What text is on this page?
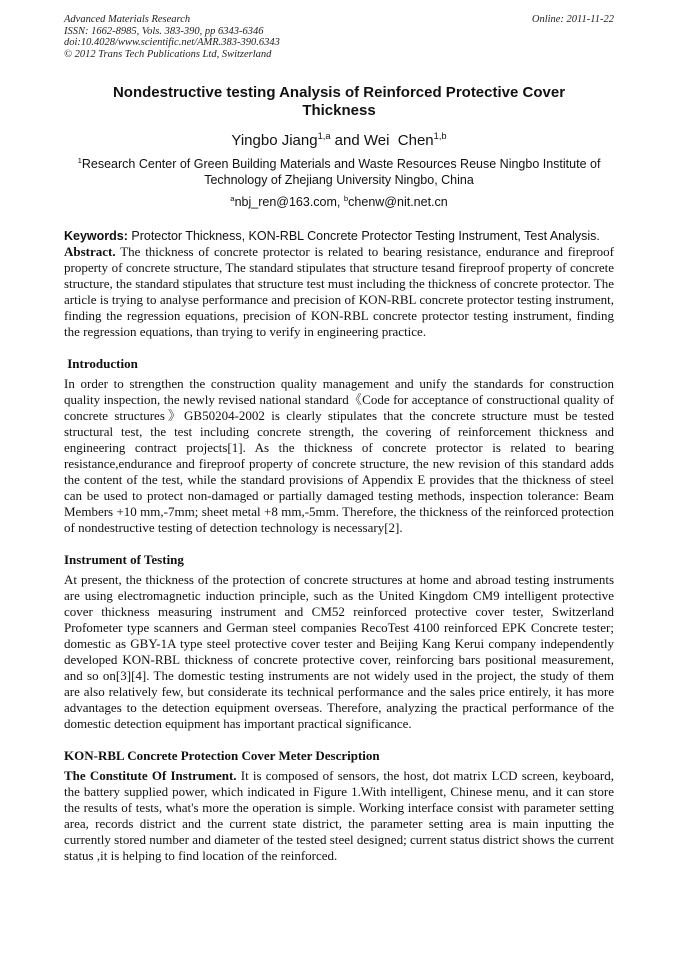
Advanced Materials Research
ISSN: 1662-8985, Vols. 383-390, pp 6343-6346
doi:10.4028/www.scientific.net/AMR.383-390.6343
© 2012 Trans Tech Publications Ltd, Switzerland
Online: 2011-11-22
Nondestructive testing Analysis of Reinforced Protective Cover Thickness
Yingbo Jiang$^{1,a}$ and Wei  Chen$^{1,b}$
$^1$Research Center of Green Building Materials and Waste Resources Reuse Ningbo Institute of Technology of Zhejiang University Ningbo, China
$^a$nbj_ren@163.com, $^b$chenw@nit.net.cn
Keywords: Protector Thickness, KON-RBL Concrete Protector Testing Instrument, Test Analysis.

Abstract. The thickness of concrete protector is related to bearing resistance, endurance and fireproof property of concrete structure, The standard stipulates that structure tesand fireproof property of concrete structure, the standard stipulates that structure test must including the thickness of concrete protector. The article is trying to analyse performance and precision of KON-RBL concrete protector testing instrument, finding the regression equations, precision of KON-RBL concrete protector testing instrument, finding the regression equations, than trying to verify in engineering practice.

Introduction

In order to strengthen the construction quality management and unify the standards for construction quality inspection, the newly revised national standard《Code for acceptance of constructional quality of concrete structures》GB50204-2002 is clearly stipulates that the concrete structure must be tested structural test, the test including concrete strength, the covering of reinforcement thickness and engineering contract projects[1]. As the thickness of concrete protector is related to bearing resistance,endurance and fireproof property of concrete structure, the new revision of this standard adds the content of the test, while the standard provisions of Appendix E provides that the thickness of steel can be used to protect non-damaged or partially damaged testing methods, inspection tolerance: Beam Members +10 mm,-7mm; sheet metal +8 mm,-5mm. Therefore, the thickness of the reinforced protection of nondestructive testing of detection technology is necessary[2].

Instrument of Testing

At present, the thickness of the protection of concrete structures at home and abroad testing instruments are using electromagnetic induction principle, such as the United Kingdom CM9 intelligent protective cover thickness measuring instrument and CM52 reinforced protective cover tester, Switzerland Profometer type scanners and German steel companies RecoTest 4100 reinforced EPK Concrete tester; domestic as GBY-1A type steel protective cover tester and Beijing Kang Kerui company independently developed KON-RBL thickness of concrete protective cover, reinforcing bars positional measurement, and so on[3][4]. The domestic testing instruments are not widely used in the project, the study of them are also relatively few, but considerate its technical performance and the sales price entirely, it has more advantages to the detection equipment overseas. Therefore, analyzing the practical performance of the domestic detection equipment has important practical significance.

KON-RBL Concrete Protection Cover Meter Description

The Constitute Of Instrument. It is composed of sensors, the host, dot matrix LCD screen, keyboard, the battery supplied power, which indicated in Figure 1.With intelligent, Chinese menu, and it can store the results of tests, what's more the operation is simple. Working interface consist with parameter setting area, records district and the current state district, the parameter setting area is main inputting the currently stored number and diameter of the tested steel designed; current status district shows the current status ,it is helping to find location of the reinforced.
